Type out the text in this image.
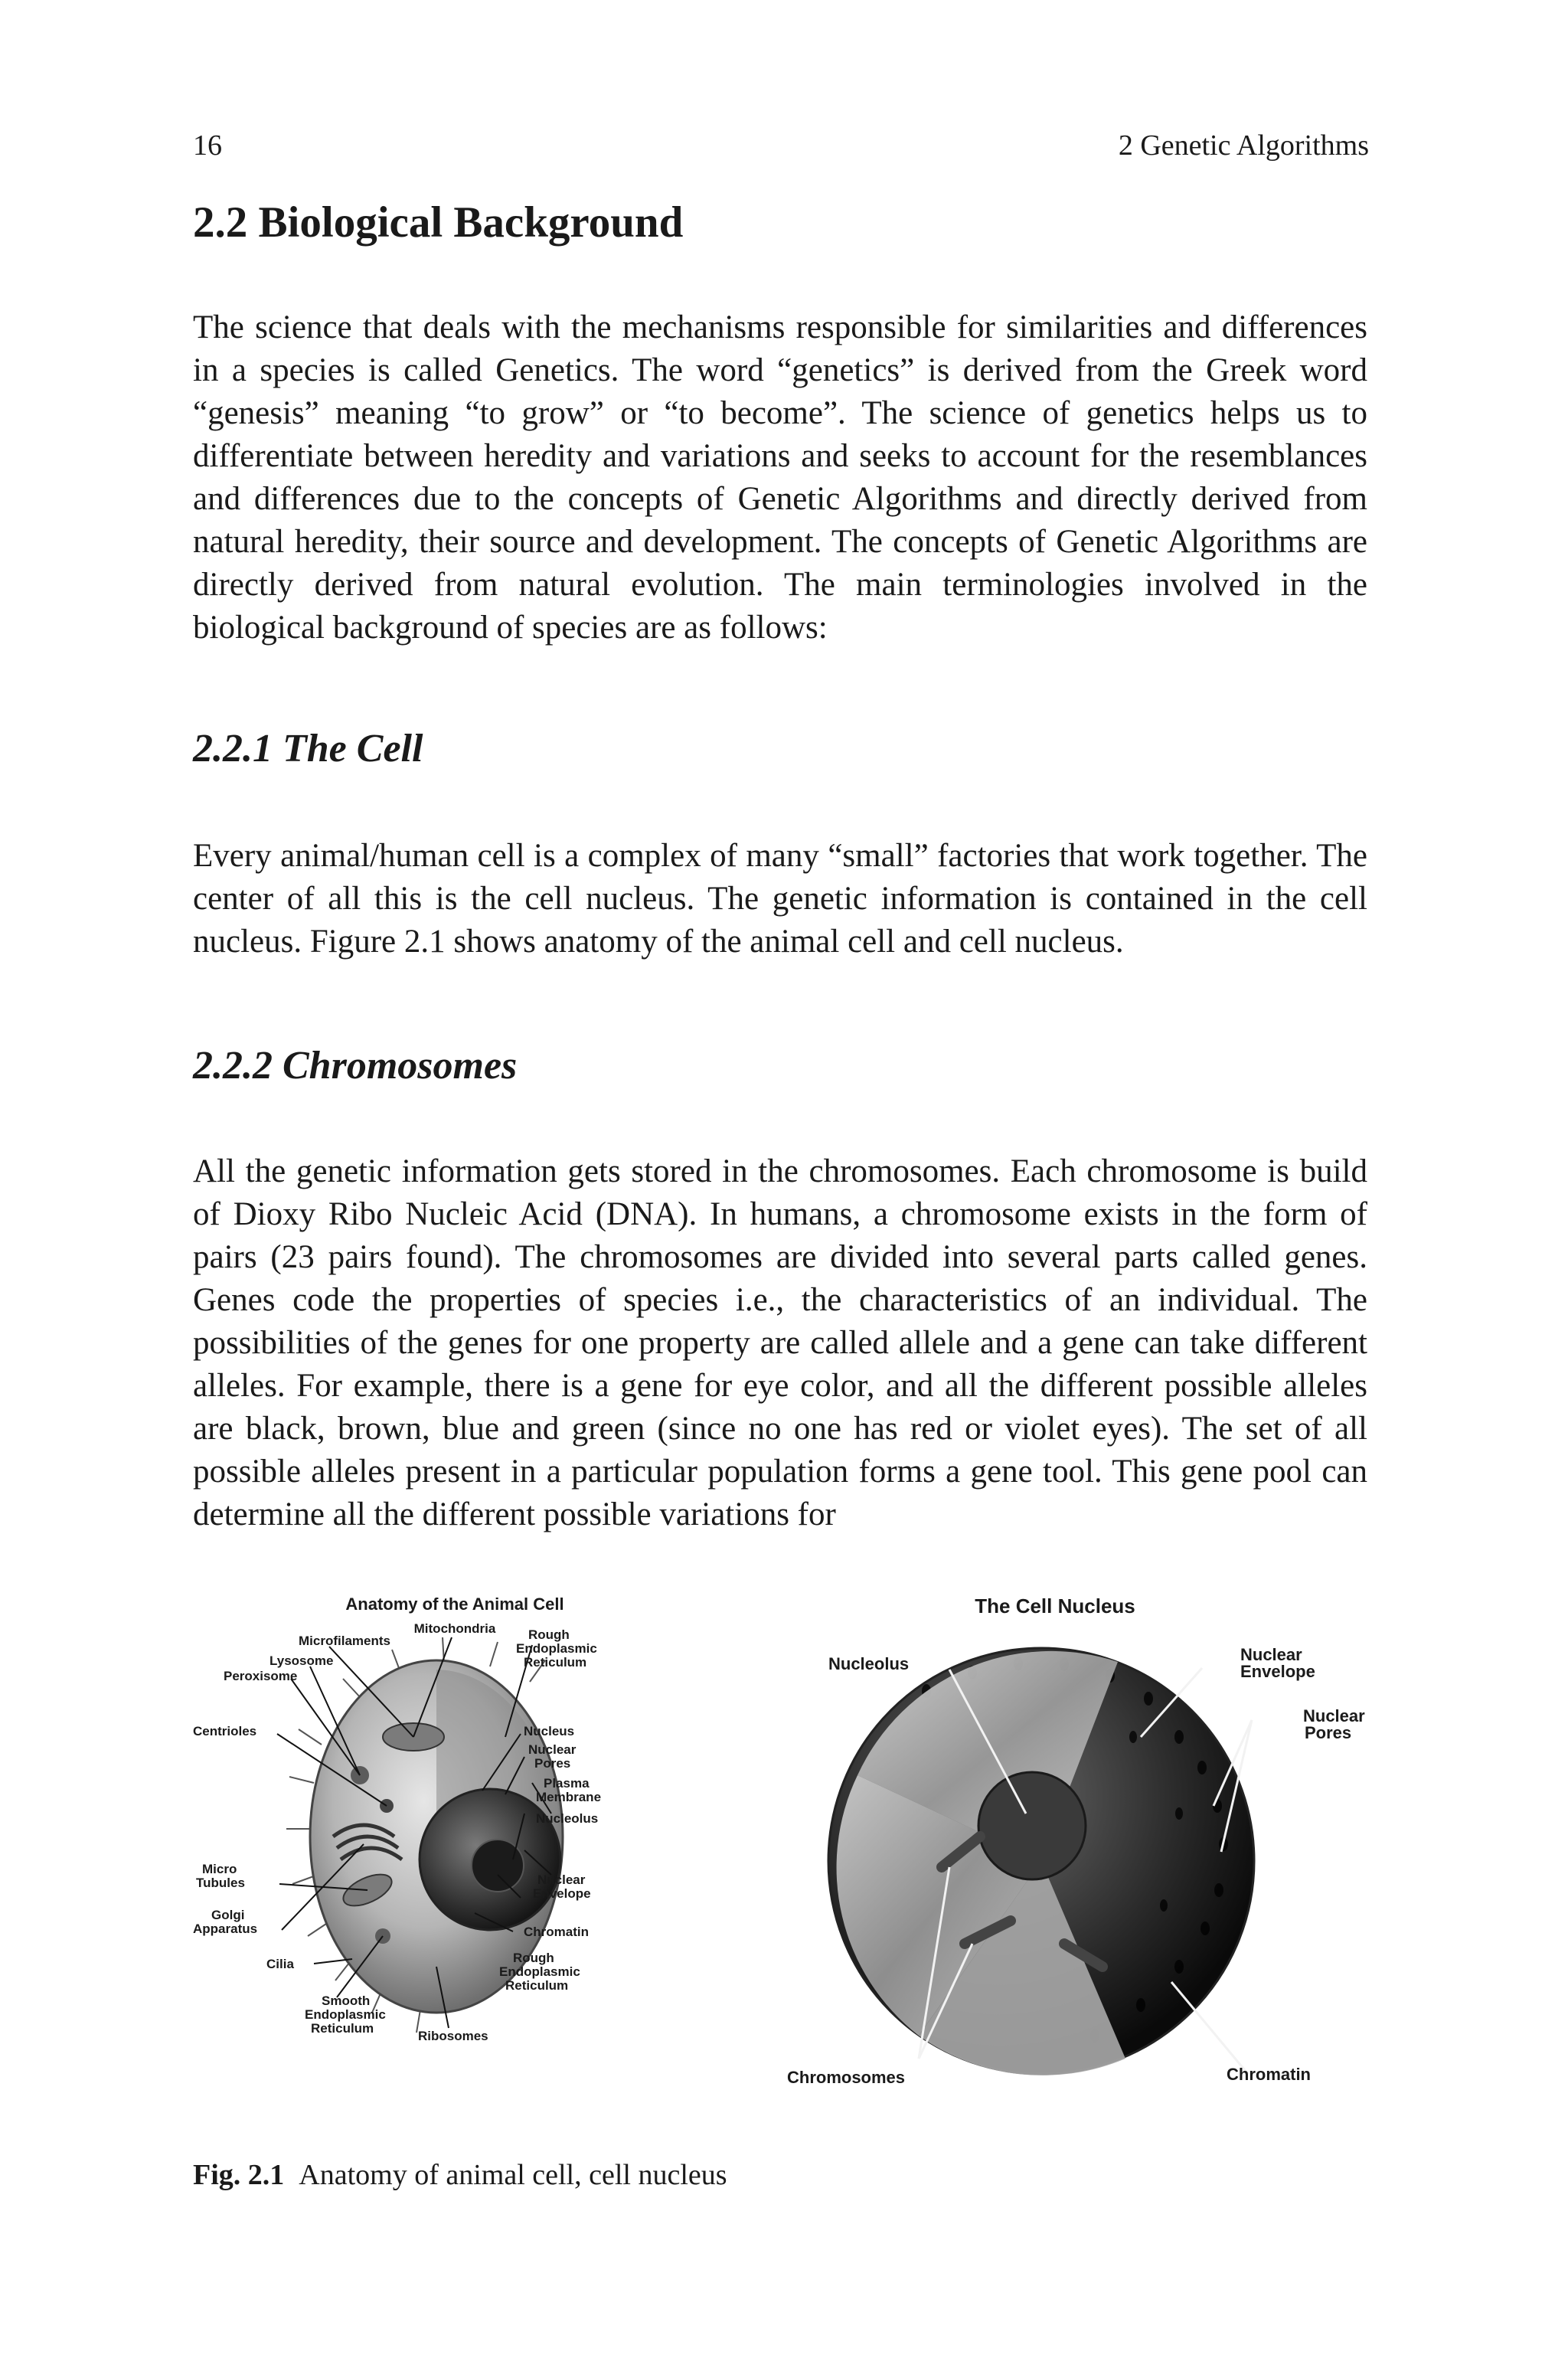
16	2 Genetic Algorithms
2.2 Biological Background

The science that deals with the mechanisms responsible for similarities and differences in a species is called Genetics. The word “genetics” is derived from the Greek word “genesis” meaning “to grow” or “to become”. The science of genetics helps us to differentiate between heredity and variations and seeks to account for the resemblances and differences due to the concepts of Genetic Algorithms and directly derived from natural heredity, their source and development. The concepts of Genetic Algorithms are directly derived from natural evolution. The main terminologies involved in the biological background of species are as follows:

2.2.1 The Cell

Every animal/human cell is a complex of many “small” factories that work together. The center of all this is the cell nucleus. The genetic information is contained in the cell nucleus. Figure 2.1 shows anatomy of the animal cell and cell nucleus.

2.2.2 Chromosomes

All the genetic information gets stored in the chromosomes. Each chromosome is build of Dioxy Ribo Nucleic Acid (DNA). In humans, a chromosome exists in the form of pairs (23 pairs found). The chromosomes are divided into several parts called genes. Genes code the properties of species i.e., the characteristics of an individual. The possibilities of the genes for one property are called allele and a gene can take different alleles. For example, there is a gene for eye color, and all the different possible alleles are black, brown, blue and green (since no one has red or violet eyes). The set of all possible alleles present in a particular population forms a gene tool. This gene pool can determine all the different possible variations for

Anatomy of the Animal Cell
Mitochondria
Microfilaments
Lysosome
Peroxisome
Rough
Endoplasmic
Reticulum
Centrioles	Nucleus
Nuclear
Pores
Plasma
Membrane
Nucleolus
Micro
Tubules	Nuclear
Envelope
Golgi
Apparatus	Chromatin
Cilia	Rough
Endoplasmic
Reticulum
Smooth
Endoplasmic
Reticulum
Ribosomes
The Cell Nucleus
Nucleolus	Nuclear
Envelope
Nuclear
Pores
Chromosomes	Chromatin
Fig. 2.1 Anatomy of animal cell, cell nucleus
